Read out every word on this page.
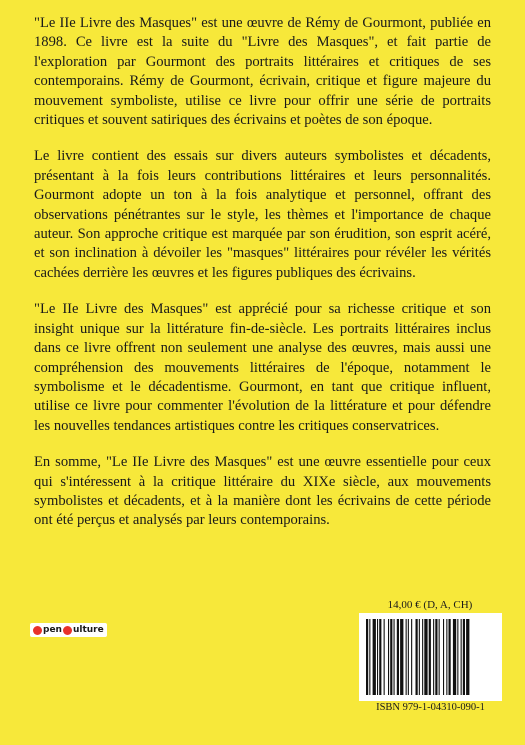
"Le IIe Livre des Masques" est une œuvre de Rémy de Gourmont, publiée en 1898. Ce livre est la suite du "Livre des Masques", et fait partie de l'exploration par Gourmont des portraits littéraires et critiques de ses contemporains. Rémy de Gourmont, écrivain, critique et figure majeure du mouvement symboliste, utilise ce livre pour offrir une série de portraits critiques et souvent satiriques des écrivains et poètes de son époque.

Le livre contient des essais sur divers auteurs symbolistes et décadents, présentant à la fois leurs contributions littéraires et leurs personnalités. Gourmont adopte un ton à la fois analytique et personnel, offrant des observations pénétrantes sur le style, les thèmes et l'importance de chaque auteur. Son approche critique est marquée par son érudition, son esprit acéré, et son inclination à dévoiler les "masques" littéraires pour révéler les vérités cachées derrière les œuvres et les figures publiques des écrivains.

"Le IIe Livre des Masques" est apprécié pour sa richesse critique et son insight unique sur la littérature fin-de-siècle. Les portraits littéraires inclus dans ce livre offrent non seulement une analyse des œuvres, mais aussi une compréhension des mouvements littéraires de l'époque, notamment le symbolisme et le décadentisme. Gourmont, en tant que critique influent, utilise ce livre pour commenter l'évolution de la littérature et pour défendre les nouvelles tendances artistiques contre les critiques conservatrices.

En somme, "Le IIe Livre des Masques" est une œuvre essentielle pour ceux qui s'intéressent à la critique littéraire du XIXe siècle, aux mouvements symbolistes et décadents, et à la manière dont les écrivains de cette période ont été perçus et analysés par leurs contemporains.

pen ulture
14,00 € (D, A, CH)
ISBN 979-1-04310-090-1
